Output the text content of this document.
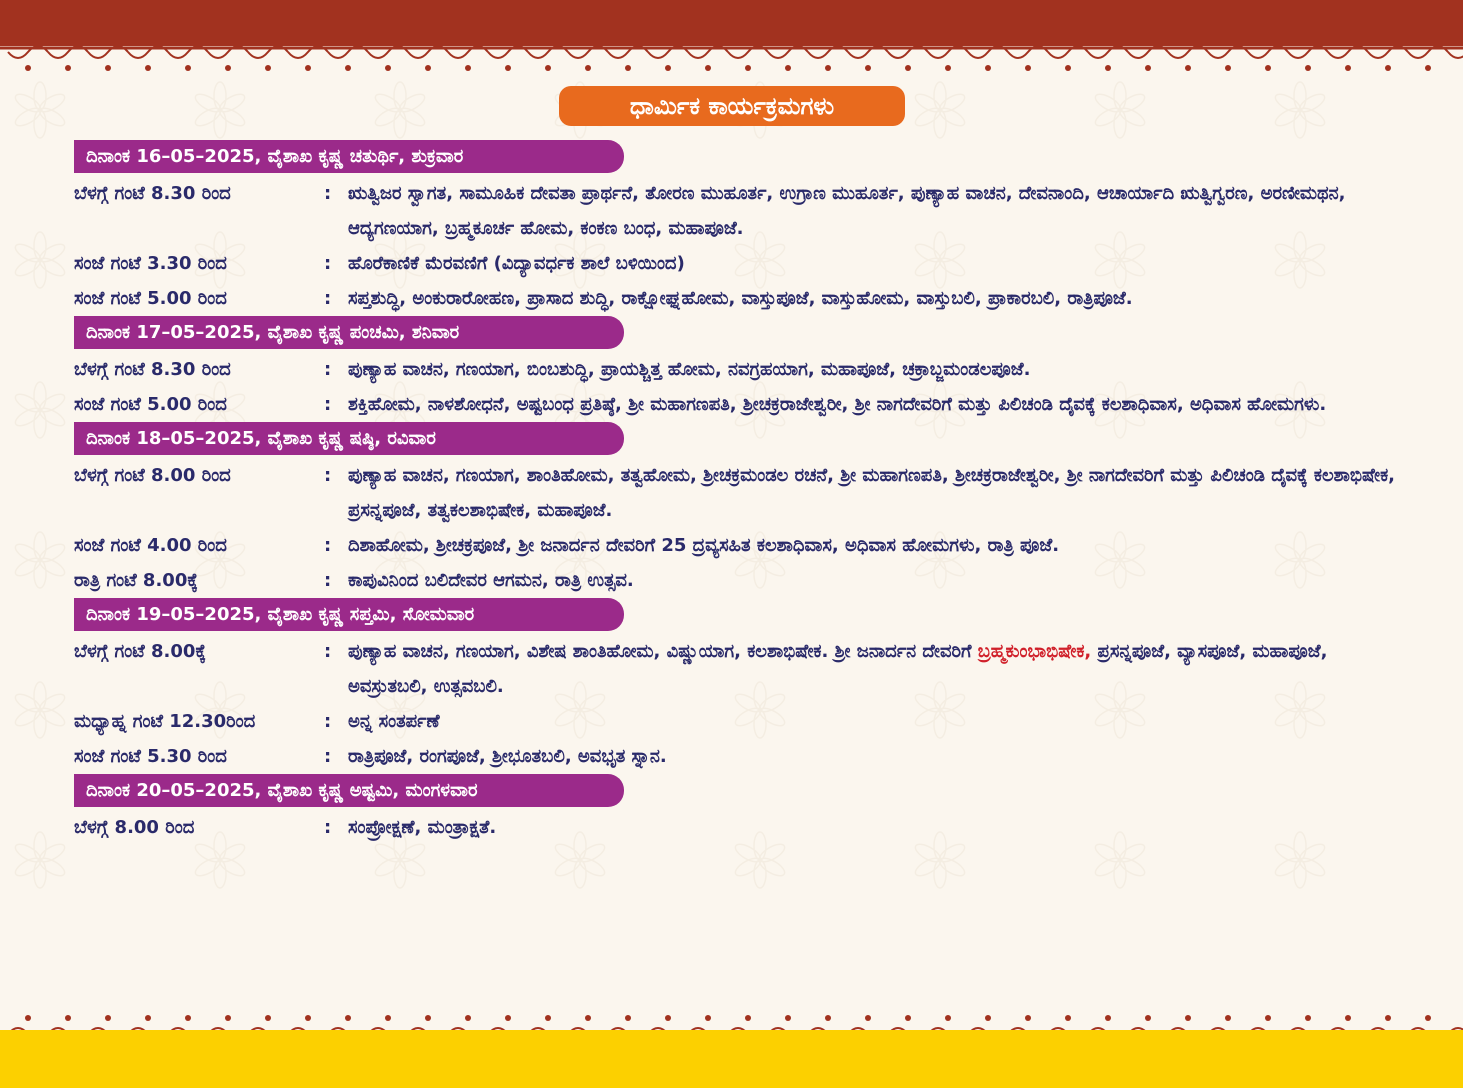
ಧಾರ್ಮಿಕ ಕಾರ್ಯಕ್ರಮಗಳು
ದಿನಾಂಕ 16–05–2025, ವೈಶಾಖ ಕೃಷ್ಣ ಚತುರ್ಥಿ, ಶುಕ್ರವಾರ
ಬೆಳಗ್ಗೆ ಗಂಟೆ 8.30 ರಿಂದ	: ಋತ್ವಿಜರ ಸ್ವಾಗತ, ಸಾಮೂಹಿಕ ದೇವತಾ ಪ್ರಾರ್ಥನೆ, ತೋರಣ ಮುಹೂರ್ತ, ಉಗ್ರಾಣ ಮುಹೂರ್ತ, ಪುಣ್ಯಾಹ ವಾಚನ, ದೇವನಾಂದಿ, ಆಚಾರ್ಯಾದಿ ಋತ್ವಿಗ್ವರಣ, ಅರಣೀಮಥನ, ಆದ್ಯಗಣಯಾಗ, ಬ್ರಹ್ಮಕೂರ್ಚ ಹೋಮ, ಕಂಕಣ ಬಂಧ, ಮಹಾಪೂಜೆ.
ಸಂಜೆ ಗಂಟೆ 3.30 ರಿಂದ	: ಹೊರೆಕಾಣಿಕೆ ಮೆರವಣಿಗೆ (ವಿದ್ಯಾವರ್ಧಕ ಶಾಲೆ ಬಳಿಯಿಂದ)
ಸಂಜೆ ಗಂಟೆ 5.00 ರಿಂದ	: ಸಪ್ತಶುದ್ಧಿ, ಅಂಕುರಾರೋಹಣ, ಪ್ರಾಸಾದ ಶುದ್ಧಿ, ರಾಕ್ಷೋಘ್ನಹೋಮ, ವಾಸ್ತುಪೂಜೆ, ವಾಸ್ತುಹೋಮ, ವಾಸ್ತುಬಲಿ, ಪ್ರಾಕಾರಬಲಿ, ರಾತ್ರಿಪೂಜೆ.
ದಿನಾಂಕ 17–05–2025, ವೈಶಾಖ ಕೃಷ್ಣ ಪಂಚಮಿ, ಶನಿವಾರ
ಬೆಳಗ್ಗೆ ಗಂಟೆ 8.30 ರಿಂದ	: ಪುಣ್ಯಾಹ ವಾಚನ, ಗಣಯಾಗ, ಬಿಂಬಶುದ್ಧಿ, ಪ್ರಾಯಶ್ಚಿತ್ತ ಹೋಮ, ನವಗ್ರಹಯಾಗ, ಮಹಾಪೂಜೆ, ಚಕ್ರಾಬ್ಜಮಂಡಲಪೂಜೆ.
ಸಂಜೆ ಗಂಟೆ 5.00 ರಿಂದ	: ಶಕ್ತಿಹೋಮ, ನಾಳಶೋಧನೆ, ಅಷ್ಟಬಂಧ ಪ್ರತಿಷ್ಠೆ, ಶ್ರೀ ಮಹಾಗಣಪತಿ, ಶ್ರೀಚಕ್ರರಾಜೇಶ್ವರೀ, ಶ್ರೀ ನಾಗದೇವರಿಗೆ ಮತ್ತು ಪಿಲಿಚಂಡಿ ದೈವಕ್ಕೆ ಕಲಶಾಧಿವಾಸ, ಅಧಿವಾಸ ಹೋಮಗಳು.
ದಿನಾಂಕ 18–05–2025, ವೈಶಾಖ ಕೃಷ್ಣ ಷಷ್ಠಿ, ರವಿವಾರ
ಬೆಳಗ್ಗೆ ಗಂಟೆ 8.00 ರಿಂದ	: ಪುಣ್ಯಾಹ ವಾಚನ, ಗಣಯಾಗ, ಶಾಂತಿಹೋಮ, ತತ್ವಹೋಮ, ಶ್ರೀಚಕ್ರಮಂಡಲ ರಚನೆ, ಶ್ರೀ ಮಹಾಗಣಪತಿ, ಶ್ರೀಚಕ್ರರಾಜೇಶ್ವರೀ, ಶ್ರೀ ನಾಗದೇವರಿಗೆ ಮತ್ತು ಪಿಲಿಚಂಡಿ ದೈವಕ್ಕೆ ಕಲಶಾಭಿಷೇಕ, ಪ್ರಸನ್ನಪೂಜೆ, ತತ್ವಕಲಶಾಭಿಷೇಕ, ಮಹಾಪೂಜೆ.
ಸಂಜೆ ಗಂಟೆ 4.00 ರಿಂದ	: ದಿಶಾಹೋಮ, ಶ್ರೀಚಕ್ರಪೂಜೆ, ಶ್ರೀ ಜನಾರ್ದನ ದೇವರಿಗೆ 25 ದ್ರವ್ಯಸಹಿತ ಕಲಶಾಧಿವಾಸ, ಅಧಿವಾಸ ಹೋಮಗಳು, ರಾತ್ರಿ ಪೂಜೆ.
ರಾತ್ರಿ ಗಂಟೆ 8.00ಕ್ಕೆ	: ಕಾಪುವಿನಿಂದ ಬಲಿದೇವರ ಆಗಮನ, ರಾತ್ರಿ ಉತ್ಸವ.
ದಿನಾಂಕ 19–05–2025, ವೈಶಾಖ ಕೃಷ್ಣ ಸಪ್ತಮಿ, ಸೋಮವಾರ
ಬೆಳಗ್ಗೆ ಗಂಟೆ 8.00ಕ್ಕೆ	: ಪುಣ್ಯಾಹ ವಾಚನ, ಗಣಯಾಗ, ವಿಶೇಷ ಶಾಂತಿಹೋಮ, ವಿಷ್ಣುಯಾಗ, ಕಲಶಾಭಿಷೇಕ. ಶ್ರೀ ಜನಾರ್ದನ ದೇವರಿಗೆ ಬ್ರಹ್ಮಕುಂಭಾಭಿಷೇಕ, ಪ್ರಸನ್ನಪೂಜೆ, ವ್ಯಾಸಪೂಜೆ, ಮಹಾಪೂಜೆ, ಅವಸ್ರುತಬಲಿ, ಉತ್ಸವಬಲಿ.
ಮಧ್ಯಾಹ್ನ ಗಂಟೆ 12.30ರಿಂದ	: ಅನ್ನ ಸಂತರ್ಪಣೆ
ಸಂಜೆ ಗಂಟೆ 5.30 ರಿಂದ	: ರಾತ್ರಿಪೂಜೆ, ರಂಗಪೂಜೆ, ಶ್ರೀಭೂತಬಲಿ, ಅವಭೃತ ಸ್ನಾನ.
ದಿನಾಂಕ 20–05–2025, ವೈಶಾಖ ಕೃಷ್ಣ ಅಷ್ಟಮಿ, ಮಂಗಳವಾರ
ಬೆಳಗ್ಗೆ 8.00 ರಿಂದ	: ಸಂಪ್ರೋಕ್ಷಣೆ, ಮಂತ್ರಾಕ್ಷತೆ.
